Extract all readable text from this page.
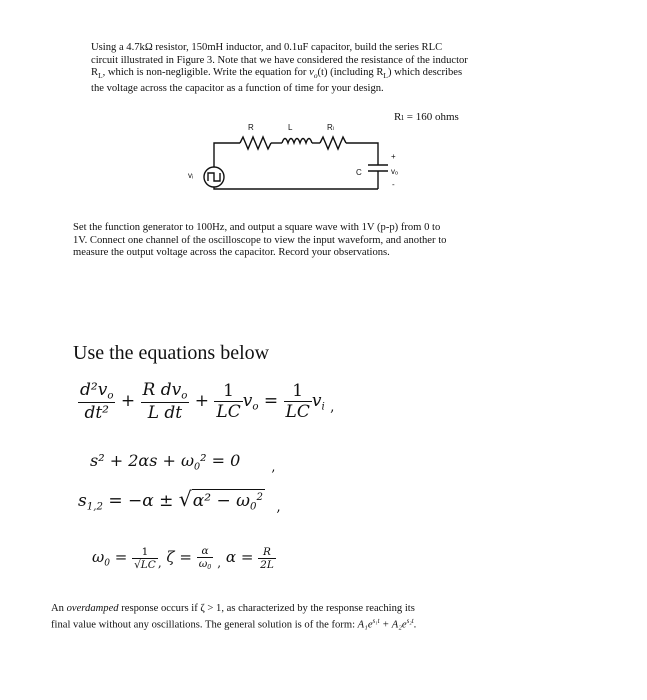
Using a 4.7kΩ resistor, 150mH inductor, and 0.1uF capacitor, build the series RLC
circuit illustrated in Figure 3. Note that we have considered the resistance of the inductor
$R_L$, which is non-negligible. Write the equation for $v_o(t)$ (including $R_L$) which describes
the voltage across the capacitor as a function of time for your design.
Rₗ = 160 ohms
R	L	Rₗ
vᵢ	C
+
vₒ
-
Set the function generator to 100Hz, and output a square wave with 1V (p-p) from 0 to
1V. Connect one channel of the oscilloscope to view the input waveform, and another to
measure the output voltage across the capacitor. Record your observations.
Use the equations below
$\frac{d^2v_o}{\text{dt²}} + \frac{R dv_o}{\text{L dt}} + \frac{1}{LC} v_o = \frac{1}{LC} v_i$ $_,$
$s^2 + 2\alpha s + \omega_0^2 = 0$ $_,$
$s_{1,2} = -\alpha \pm √\alpha^2 - \omega_0^2$ $_,$
$\omega_0 = \frac{1}{√LC} _,$ $\zeta = \frac{\alpha}{\omega_0} _,$ $\alpha = \frac{R}{2L}$
An overdamped response occurs if ζ > 1, as characterized by the response reaching its
final value without any oscillations. The general solution is of the form: $A_1e^{s_1t} + A_2e^{s_2t}$.
